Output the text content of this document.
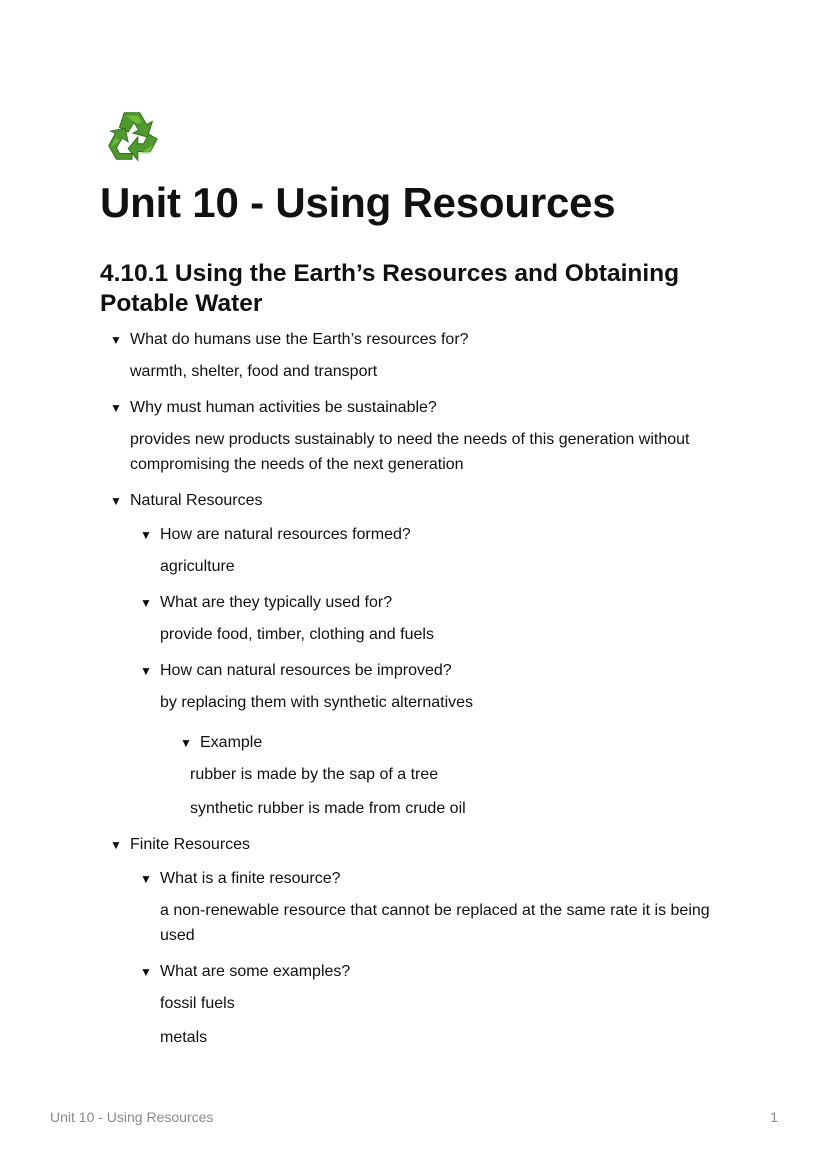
Unit 10 - Using Resources
4.10.1 Using the Earth’s Resources and Obtaining Potable Water
▼ What do humans use the Earth’s resources for?
warmth, shelter, food and transport
▼ Why must human activities be sustainable?
provides new products sustainably to need the needs of this generation without compromising the needs of the next generation
▼ Natural Resources
▼ How are natural resources formed?
agriculture
▼ What are they typically used for?
provide food, timber, clothing and fuels
▼ How can natural resources be improved?
by replacing them with synthetic alternatives
▼ Example
rubber is made by the sap of a tree
synthetic rubber is made from crude oil
▼ Finite Resources
▼ What is a finite resource?
a non-renewable resource that cannot be replaced at the same rate it is being used
▼ What are some examples?
fossil fuels
metals
Unit 10 - Using Resources	1
